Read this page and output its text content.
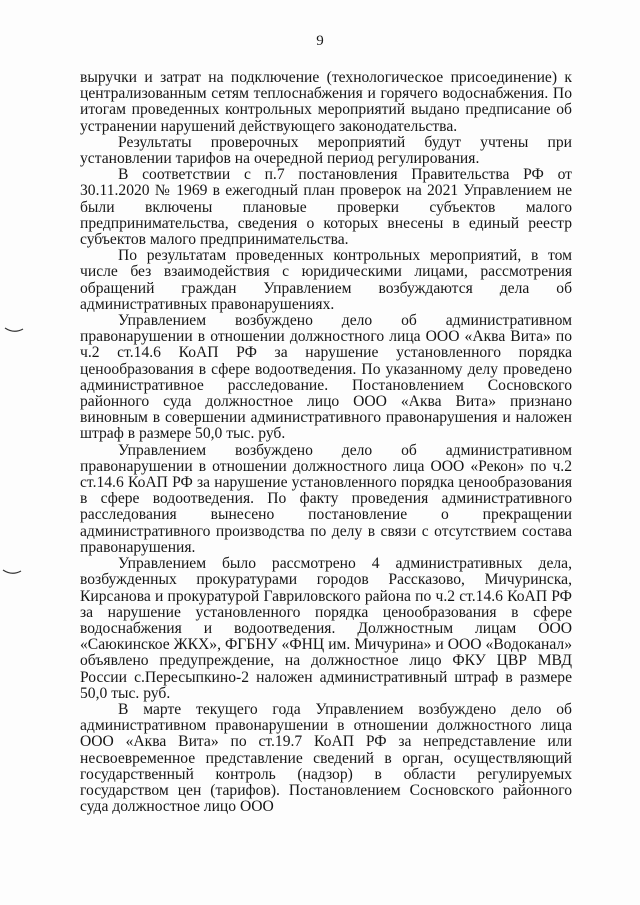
9

выручки и затрат на подключение (технологическое присоединение) к централизованным сетям теплоснабжения и горячего водоснабжения. По итогам проведенных контрольных мероприятий выдано предписание об устранении нарушений действующего законодательства.

Результаты проверочных мероприятий будут учтены при установлении тарифов на очередной период регулирования.

В соответствии с п.7 постановления Правительства РФ от 30.11.2020 № 1969 в ежегодный план проверок на 2021 Управлением не были включены плановые проверки субъектов малого предпринимательства, сведения о которых внесены в единый реестр субъектов малого предпринимательства.

По результатам проведенных контрольных мероприятий, в том числе без взаимодействия с юридическими лицами, рассмотрения обращений граждан Управлением возбуждаются дела об административных правонарушениях.

Управлением возбуждено дело об административном правонарушении в отношении должностного лица ООО «Аква Вита» по ч.2 ст.14.6 КоАП РФ за нарушение установленного порядка ценообразования в сфере водоотведения. По указанному делу проведено административное расследование. Постановлением Сосновского районного суда должностное лицо ООО «Аква Вита» признано виновным в совершении административного правонарушения и наложен штраф в размере 50,0 тыс. руб.

Управлением возбуждено дело об административном правонарушении в отношении должностного лица ООО «Рекон» по ч.2 ст.14.6 КоАП РФ за нарушение установленного порядка ценообразования в сфере водоотведения. По факту проведения административного расследования вынесено постановление о прекращении административного производства по делу в связи с отсутствием состава правонарушения.

Управлением было рассмотрено 4 административных дела, возбужденных прокуратурами городов Рассказово, Мичуринска, Кирсанова и прокуратурой Гавриловского района по ч.2 ст.14.6 КоАП РФ за нарушение установленного порядка ценообразования в сфере водоснабжения и водоотведения. Должностным лицам ООО «Саюкинское ЖКХ», ФГБНУ «ФНЦ им. Мичурина» и ООО «Водоканал» объявлено предупреждение, на должностное лицо ФКУ ЦВР МВД России с.Пересыпкино-2 наложен административный штраф в размере 50,0 тыс. руб.

В марте текущего года Управлением возбуждено дело об административном правонарушении в отношении должностного лица ООО «Аква Вита» по ст.19.7 КоАП РФ за непредставление или несвоевременное представление сведений в орган, осуществляющий государственный контроль (надзор) в области регулируемых государством цен (тарифов). Постановлением Сосновского районного суда должностное лицо ООО
